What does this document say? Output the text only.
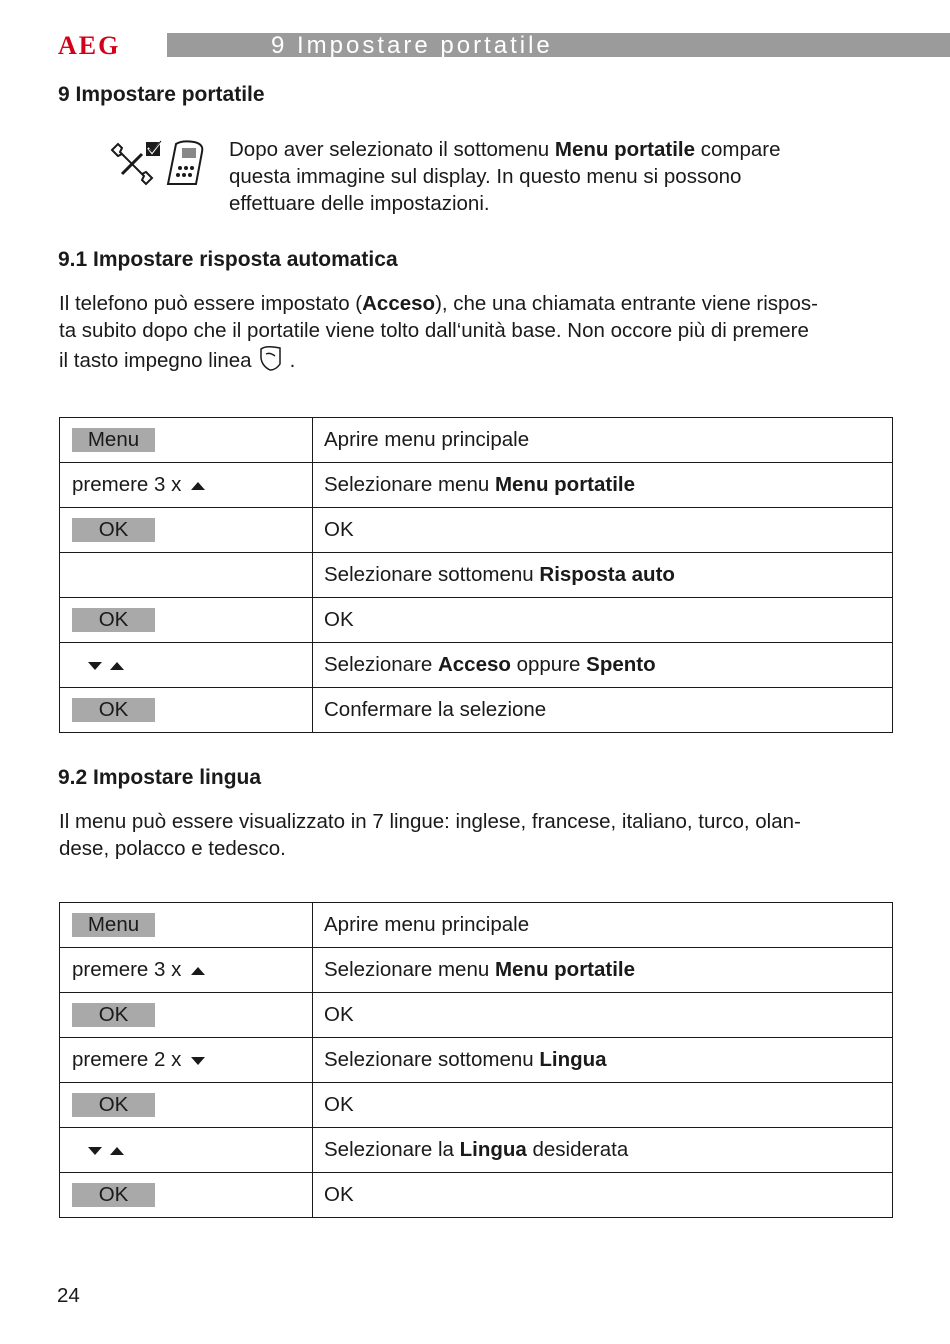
AEG	9 Impostare portatile
9 Impostare portatile

Dopo aver selezionato il sottomenu Menu portatile compare
questa immagine sul display. In questo menu si possono
effettuare delle impostazioni.

9.1 Impostare risposta automatica

Il telefono può essere impostato (Acceso), che una chiamata entrante viene rispos-
ta subito dopo che il portatile viene tolto dall‘unità base. Non occore più di premere
il tasto impegno linea .

Menu	Aprire menu principale
premere 3 x	Selezionare menu Menu portatile
OK	OK
	Selezionare sottomenu Risposta auto
OK	OK
	Selezionare Acceso oppure Spento
OK	Confermare la selezione
9.2 Impostare lingua

Il menu può essere visualizzato in 7 lingue: inglese, francese, italiano, turco, olan-
dese, polacco e tedesco.

Menu	Aprire menu principale
premere 3 x	Selezionare menu Menu portatile
OK	OK
premere 2 x	Selezionare sottomenu Lingua
OK	OK
	Selezionare la Lingua desiderata
OK	OK
24
